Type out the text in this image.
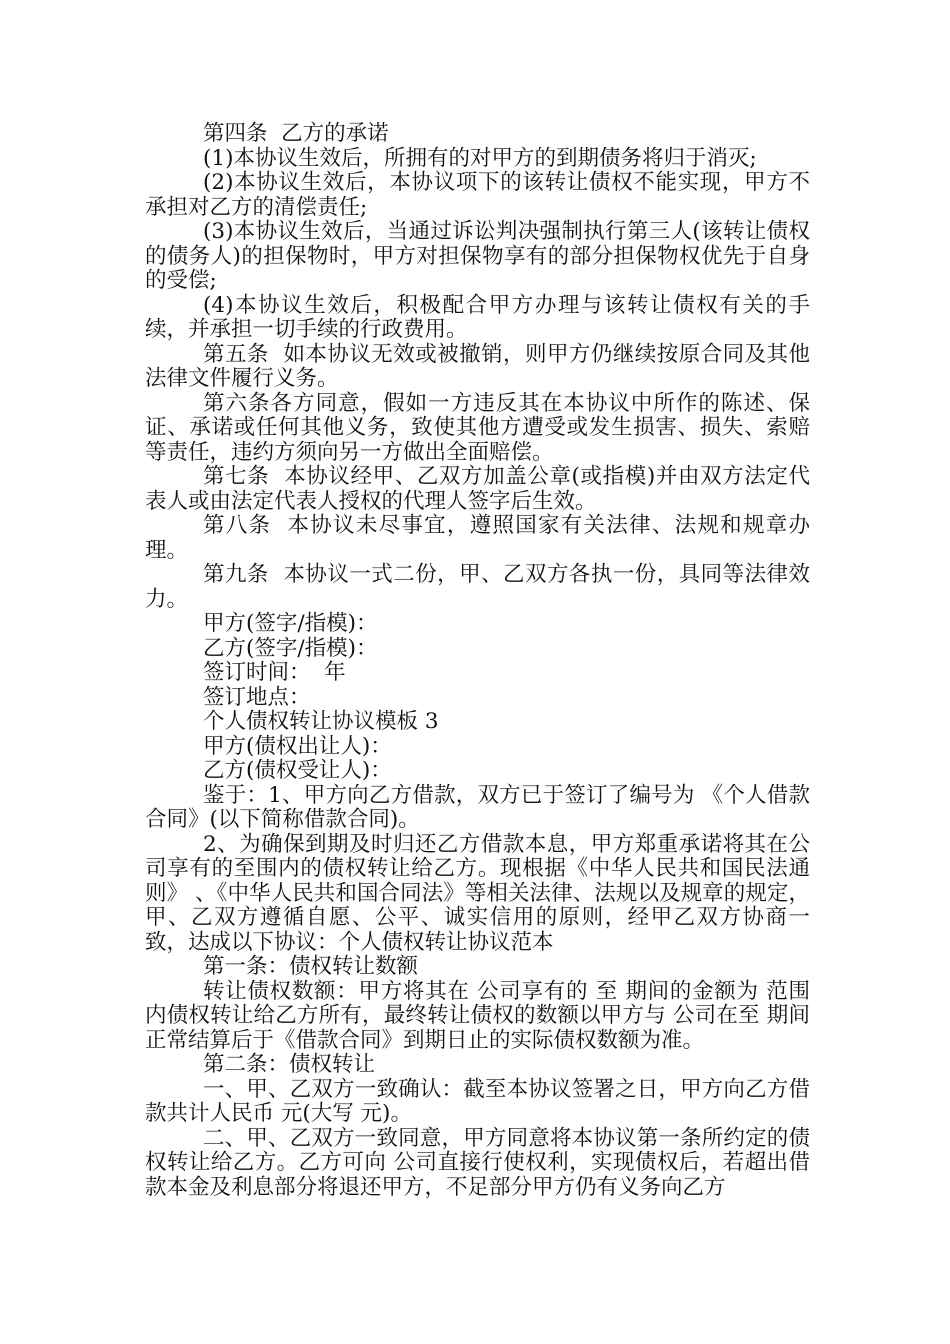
第四条  乙方的承诺

(1)本协议生效后，所拥有的对甲方的到期债务将归于消灭;

(2)本协议生效后，本协议项下的该转让债权不能实现，甲方不承担对乙方的清偿责任;

(3)本协议生效后，当通过诉讼判决强制执行第三人(该转让债权的债务人)的担保物时，甲方对担保物享有的部分担保物权优先于自身的受偿;

(4)本协议生效后，积极配合甲方办理与该转让债权有关的手续，并承担一切手续的行政费用。

第五条  如本协议无效或被撤销，则甲方仍继续按原合同及其他法律文件履行义务。

第六条各方同意，假如一方违反其在本协议中所作的陈述、保证、承诺或任何其他义务，致使其他方遭受或发生损害、损失、索赔等责任，违约方须向另一方做出全面赔偿。

第七条  本协议经甲、乙双方加盖公章(或指模)并由双方法定代表人或由法定代表人授权的代理人签字后生效。

第八条  本协议未尽事宜，遵照国家有关法律、法规和规章办理。

第九条  本协议一式二份，甲、乙双方各执一份，具同等法律效力。

甲方(签字/指模)：

乙方(签字/指模)：

签订时间：  年

签订地点：

个人债权转让协议模板 3

甲方(债权出让人)：

乙方(债权受让人)：

鉴于：1、甲方向乙方借款，双方已于签订了编号为 《个人借款合同》(以下简称借款合同)。

2、为确保到期及时归还乙方借款本息，甲方郑重承诺将其在公司享有的至围内的债权转让给乙方。现根据《中华人民共和国民法通则》 、《中华人民共和国合同法》等相关法律、法规以及规章的规定，甲、乙双方遵循自愿、公平、诚实信用的原则，经甲乙双方协商一致，达成以下协议：个人债权转让协议范本

第一条：债权转让数额

转让债权数额：甲方将其在 公司享有的 至 期间的金额为 范围内债权转让给乙方所有，最终转让债权的数额以甲方与 公司在至 期间正常结算后于《借款合同》到期日止的实际债权数额为准。

第二条：债权转让

一、甲、乙双方一致确认：截至本协议签署之日，甲方向乙方借款共计人民币 元(大写 元)。

二、甲、乙双方一致同意，甲方同意将本协议第一条所约定的债权转让给乙方。乙方可向 公司直接行使权利，实现债权后，若超出借款本金及利息部分将退还甲方，不足部分甲方仍有义务向乙方
